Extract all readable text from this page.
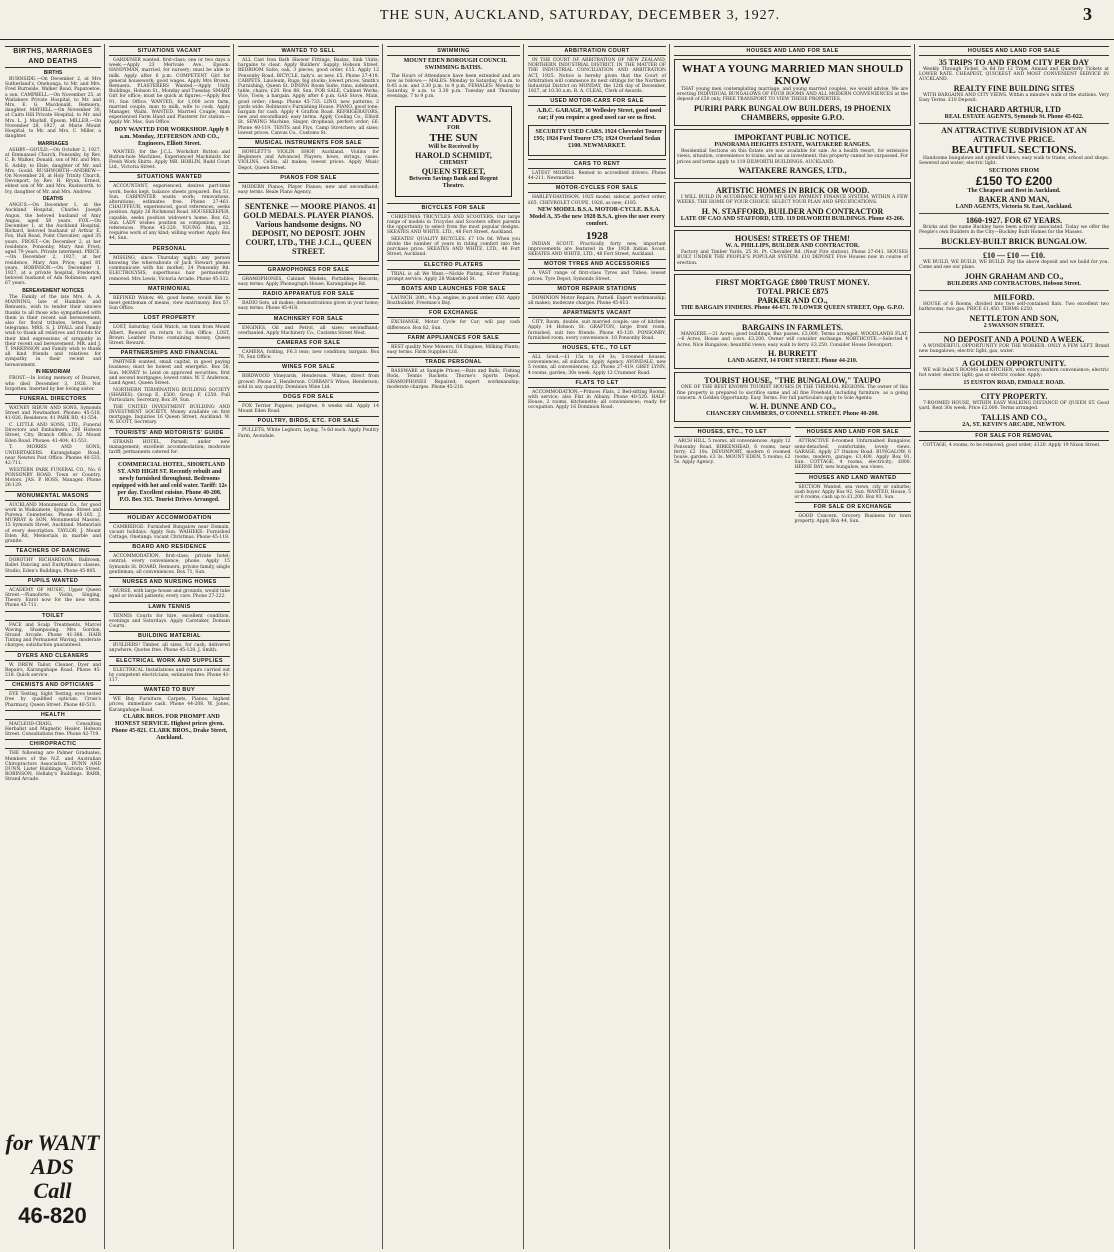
THE SUN, AUCKLAND, SATURDAY, DECEMBER 3, 1927.	3
BIRTHS, MARRIAGES AND DEATHS
BIRTHS

BURNSIDE.—On December 2, at Mrs Sutherland's, Onehunga, to Mr. and Mrs. Fred Burnside, Walker Road, Papatoetoe, a son. CAMPBELL.—On November 25, at Waitakere Private Hospital, to Mr. and Mrs. E. G. Macdonald, Remuera, daughter. MAYHILL.—On November 30, at Cairn Hill Private Hospital, to Mr. and Mrs. L. J. Mayhill, Epsom. MILLER.—On November 28, 1927, at Marie Mount Hospital, to Mr. and Mrs. C. Miller, a daughter.

MARRIAGES

ASHBY—GOULD.—On October 2, 1927, at Emmanuel Church, Ponsonby, by Rev. C. B. Walker, Donald, son of Mr. and Mrs. E. Ashby, to Elsie, daughter of Mr. and Mrs. Gould. RUSHWORTH—ANDREW.—On November 26, at Holy Trinity Church, Devonport, by Rev. H. Bryan, Ernest, eldest son of Mr. and Mrs. Rushworth, to Ivy, daughter of Mr. and Mrs. Andrew.

DEATHS

ANGUS.—On December 1, at the Auckland Hospital, Charles Joseph Angus, the beloved husband of Amy Angus; aged 58 years. FOX.—On December 1, at the Auckland Hospital, Richard, beloved husband of Arthur E. Fox, Hull Road, Point Chevalier; aged 35 years. FROST.—On December 2, at her residence, Ponsonby, Mary Ann Frost; aged 79 years. Private interment. PRICE.—On December 2, 1927, at her residence, Mary Ann Price; aged 81 years. ROBINSON.—On December 1, 1927, at a private hospital, Frederick, beloved husband of Ada Robinson; aged 67 years.

BEREAVEMENT NOTICES

The Family of the late Mrs. A. A. MANNING, late of Hamilton and Remuera, wish to tender their sincere thanks to all those who sympathised with them in their recent sad bereavement, also for floral tributes, letters, and telegrams. MRS. S. J. DYALL and Family wish to thank all relatives and friends for their kind expressions of sympathy in their recent sad bereavement. MR. and J. T. PARKINSON and Family wish to thank all kind friends and relatives for sympathy in their recent sad bereavement.

IN MEMORIAM

FROST.—In loving memory of Dearest, who died December 3, 1926. Not forgotten. Inserted by her loving sister.

FUNERAL DIRECTORS

WATNEY SIBUN AND SONS, Symonds Street and Newmarket. Phones: 45-518, 41-026. Residence, 41 PARK RD, 41-554.

C. LITTLE AND SONS, LTD., Funeral Directors and Embalmers, 200 Hobson Street, City. Branch Office, 32 Mount Eden Road. Phones: 41-404, 41-551.

T. MORRIS AND SONS, UNDERTAKERS. Karangahape Road, near Newton Post Office. Phones 40-533, 42-711.

WESTERN PARK FUNERAL CO., No. 6 PONSONBY ROAD. Town or Country, Motors. JAS. P. ROSS, Manager. Phone 26-129.

MONUMENTAL MASONS

AUCKLAND Monumental Co., for good work in Waikumete, Symonds Street and Purewa Cemeteries. Phone 45-105. J. MURRAY & SON, Monumental Masons, 15 Symonds Street, Auckland. Memorials of every description. TAYLOR, J. Mount Eden Rd, Memorials in marble and granite.

TEACHERS OF DANCING

DOROTHY RICHARDSON, Ballroom, Ballet Dancing and Eurhythmics classes, Studio, Eden's Buildings. Phone 45-805.

PUPILS WANTED

ACADEMY OF MUSIC, Upper Queen Street.—Pianoforte, Violin, Singing, Theory. Enrol now for the new term. Phone 45-711.

TOILET

FACE and Scalp Treatments, Marcel Waving, Shampooing. Mrs Gordon, Strand Arcade. Phone 41-388. HAIR Tinting and Permanent Waving, moderate charges; satisfaction guaranteed.

DYERS AND CLEANERS

W. DREW, Tailor, Cleaner, Dyer and Repairs, Karangahape Road. Phone 45-218. Quick service.

CHEMISTS AND OPTICIANS

EYE Testing, Sight Testing; eyes tested free by qualified optician. Cross's Pharmacy, Queen Street. Phone 40-513.

HEALTH

MACLEOD-CRAIG, Consulting Herbalist and Magnetic Healer, Hobson Street. Consultations free. Phone 42-719.

CHIROPRACTIC

THE following are Palmer Graduates, Members of the N.Z. and Australian Chiropractors Association. DUNN AND DUNN, Lister Buildings, Victoria Street. ROBINSON, Hellaby's Buildings. BARR, Strand Arcade.

for WANT
ADS
Call
46-820
SITUATIONS VACANT

GARDENER wanted, first-class; one or two days a week.—Apply 23 Merivale Ave., Epsom. HANDYMAN, married, for nursery; must be able to milk. Apply after 6 p.m. COMPETENT Girl for general housework; good wages. Apply Mrs Brown, Remuera. PLASTERERS Wanted.—Apply Unity Buildings, Hobson St., Monday and Tuesday. SMART Girl for office; must be quick at figures.—Apply Box 91, Sun Office. WANTED, for 1,000 acre farm, married couple, man to milk, wife to cook. Apply Manager, Waihi. WANTED, Married Couple, man experienced Farm Hand and Plasterer for station.—Apply Mr. Mac, Sun Office.

BOY WANTED FOR WORKSHOP. Apply 9 a.m. Monday, JEFFERSON AND CO., Engineers, Elliott Street.

WANTED, for the J.C.L. Workshirt Button and Button-hole Machines, Experienced Machinists for Fresh Work Shirts. Apply MR. HOBLIN, Rudd Court Ltd., Victoria Street.

SITUATIONS WANTED

ACCOUNTANT, experienced, desires part-time work, books kept, balance sheets prepared. Box 51, Sun. CARPENTER wants work; renovations, alterations; estimates free. Phone 27-461. CHAUFFEUR, experienced, good references, seeks position. Apply 26 Richmond Road. HOUSEKEEPER, capable, seeks position widower's home. Box 62, Sun. LADY wishes position as companion; good references. Phone 45-220. YOUNG Man, 22, requires work of any kind; willing worker. Apply Box 44, Sun.

PERSONAL

MISSING, since Thursday night: any person knowing the whereabouts of Jack Stewart please communicate with his mother, 24 Ponsonby Rd. ELECTROLYSIS, superfluous hair permanently removed. Mrs Lewis, Victoria Arcade. Phone 45-332.

MATRIMONIAL

REFINED Widow, 40, good home, would like to meet gentleman of means, view matrimony. Box 57, Sun Office.

LOST PROPERTY

LOST, Saturday, Gold Watch, on tram from Mount Albert. Reward on return to Sun Office. LOST, Brown Leather Purse containing money, Queen Street. Reward.

PARTNERSHIPS AND FINANCIAL

PARTNER wanted, small capital, in good paying business; must be honest and energetic. Box 58, Sun. MONEY to Lend on approved securities, first and second mortgages; lowest rates. W. T. Anderson, Land Agent, Queen Street.

NORTHERN TERMINATING BUILDING SOCIETY (SHARES). Group E, £500. Group F, £250. Full Particulars, Secretary, Box 39, Sun.

THE UNITED INVESTMENT BUILDING AND INVESTMENT SOCIETY. Money available on first mortgage. Inquiries 16 Queen Street, Auckland. W. W. SCOTT, Secretary.

TOURISTS' AND MOTORISTS' GUIDE

STRAND HOTEL, Parnell, under new management; excellent accommodation; moderate tariff; permanents catered for.

COMMERCIAL HOTEL, SHORTLAND ST. AND HIGH ST. Recently rebuilt and newly furnished throughout. Bedrooms equipped with hot and cold water. Tariff: 12s per day. Excellent cuisine. Phone 40-208. P.O. Box 315. Tourist Drives Arranged.

HOLIDAY ACCOMMODATION

CAMBRIDGE: Furnished Bungalow near Domain, vacant holidays. Apply Sun. WAIHEKE: Furnished Cottage, Onetangi; vacant Christmas. Phone 45-118.

BOARD AND RESIDENCE

ACCOMMODATION, first-class; private hotel; central; every convenience; phone. Apply 15 Symonds St. BOARD, Remuera, private family, single gentleman; all conveniences. Box 71, Sun.

NURSES AND NURSING HOMES

NURSE, with large house and grounds, would take aged or invalid patients; every care. Phone 27-222.

LAWN TENNIS

TENNIS Courts for hire, excellent condition, evenings and Saturdays. Apply Caretaker, Domain Courts.

BUILDING MATERIAL

BUILDERS! Timber, all sizes, for cash; delivered anywhere. Quotes free. Phone 45-120. J. Smith.

ELECTRICAL WORK AND SUPPLIES

ELECTRICAL Installations and repairs carried out by competent electricians; estimates free. Phone 41-117.

WANTED TO BUY

WE Buy Furniture, Carpets, Pianos; highest prices; immediate cash. Phone 44-208. W. Jones, Karangahape Road.

CLARK BROS. FOR PROMPT AND HONEST SERVICE. Highest prices given. Phone 45-821. CLARK BROS., Drake Street, Auckland.

WANTED TO SELL

ALL Cast Iron Bath Shower Fittings, Basins, Sink Units; bargains to clear. Apply Builders' Supply, Hobson Street. BEDROOM Suite, oak, 3 pieces, good order, £15. Apply 12 Ponsonby Road. BICYCLE, lady's, as new, £5. Phone 27-418. CARPETS, Linoleum, Rugs; big stocks; lowest prices. Smith's Furnishing, Queen St. DINING Room Suite, rimu, sideboard, table, chairs; £20. Box 88, Sun. FOR SALE, Cabinet Works; Vice, Tools; a bargain. Apply after 6 p.m. GAS Stove, Main, good order; cheap. Phone 45-733. LINO, new patterns, 2 yards wide. Robinson's Furnishing House. PIANO, good tone; bargain for cash. Apply 4 Grafton Road. REFRIGERATORS, new and secondhand; easy terms. Apply Cooling Co., Elliott St. SEWING Machine, Singer, drophead; perfect order; £6. Phone 40-119. TENTS and Flys, Camp Stretchers; all sizes; lowest prices. Canvas Co., Customs St.

MUSICAL INSTRUMENTS FOR SALE

HOWLETT'S VIOLIN SHOP, Auckland. Violins for Beginners and Advanced Players; bows, strings, cases. VIOLINS, Cellos, all makes; lowest prices. Apply Music Depot, Queen Street.

PIANOS FOR SALE

MODERN Pianos, Player Pianos; new and secondhand; easy terms. Beale Piano Agency.

SENTENKE — MOORE PIANOS. 41 GOLD MEDALS. PLAYER PIANOS. Various handsome designs. NO DEPOSIT, NO DEPOSIT. JOHN COURT, LTD., THE J.C.L., QUEEN STREET.

GRAMOPHONES FOR SALE

GRAMOPHONES, Cabinet Models, Portables; Records; easy terms. Apply Phonograph House, Karangahape Rd.

RADIO APPARATUS FOR SALE

RADIO Sets, all makes; demonstrations given in your home; easy terms. Phone 45-418.

MACHINERY FOR SALE

ENGINES, Oil and Petrol, all sizes; secondhand; overhauled. Apply Machinery Co., Customs Street West.

CAMERAS FOR SALE

CAMERA, folding, F6.3 lens; new condition; bargain. Box 76, Sun Office.

WINES FOR SALE

BIRDWOOD Vineyards, Henderson. Wines, direct from grower. Phone 2, Henderson. CORBAN'S Wines, Henderson; sold in any quantity. Dominion Wine Ltd.

DOGS FOR SALE

FOX Terrier Puppies, pedigree, 8 weeks old. Apply 14 Mount Eden Road.

POULTRY, BIRDS, ETC. FOR SALE

PULLETS, White Leghorn, laying, 7s 6d each. Apply Poultry Farm, Avondale.

SWIMMING

MOUNT EDEN BOROUGH COUNCIL SWIMMING BATHS.

The Hours of Attendance have been extended and are now as follows:— MALES: Monday to Saturday, 6 a.m. to 8.45 a.m. and 3.30 p.m. to 9 p.m. FEMALES: Monday to Saturday, 9 a.m. to 3.30 p.m. Tuesday and Thursday evenings, 7 to 9 p.m.

WANT ADVTS.
FOR
THE SUN
Will be Received by
HAROLD SCHMIDT,
CHEMIST
QUEEN STREET,
Between Savings Bank and Regent Theatre.
BICYCLES FOR SALE

CHRISTMAS TRICYCLES AND SCOOTERS. Our large range of models in Tricycles and Scooters offers parents the opportunity to select from the most popular designs. SKEATES AND WHITE, LTD., 48 Fort Street, Auckland.

SKEATES' QUALITY BICYCLES. £7 10s 0d. When you divide the number of years in riding comfort into the purchase price. SKEATES AND WHITE, LTD., 48 Fort Street, Auckland.

ELECTRO PLATERS

TRIAL is all We Want.—Nickle Plating, Silver Plating; prompt service. Apply 28 Wakefield St.

BOATS AND LAUNCHES FOR SALE

LAUNCH, 20ft., 4 h.p. engine, in good order; £50. Apply Boatbuilder, Freeman's Bay.

FOR EXCHANGE

EXCHANGE, Motor Cycle for Car; will pay cash difference. Box 82, Sun.

FARM APPLIANCES FOR SALE

BEST quality New Mowers, Oil Engines, Milking Plants; easy terms. Farm Supplies Ltd.

TRADE PERSONAL

BASSWARE at Sample Prices.—Bats and Balls, Fishing Rods, Tennis Rackets. Thorne's Sports Depot. GRAMOPHONES Repaired; expert workmanship; moderate charges. Phone 45-218.

ARBITRATION COURT

IN THE COURT OF ARBITRATION OF NEW ZEALAND, NORTHERN INDUSTRIAL DISTRICT. IN THE MATTER OF THE INDUSTRIAL CONCILIATION AND ARBITRATION ACT, 1925. Notice is hereby given that the Court of Arbitration will commence its next sittings for the Northern Industrial District on MONDAY, the 12th day of December, 1927, at 10.30 a.m. R. A. CLEAL, Clerk of Awards.

USED MOTOR-CARS FOR SALE

A.B.C. GARAGE, 30 Wellesley Street, good used car; if you require a good used car see us first.

SECURITY USED CARS. 1924 Chevrolet Tourer £95; 1924 Ford Tourer £75; 1924 Overland Sedan £100. NEWMARKET.

CARS TO RENT

LATEST MODELS. Rented to accredited drivers. Phone 44-211. Newmarket.

MOTOR-CYCLES FOR SALE

HARLEY-DAVIDSON, 1925 model, sidecar, perfect order; £65. CHEVROLET COUPE, 1926, as new; £185.

NEW MODEL B.S.A. MOTOR-CYCLE. B.S.A. Model A, 35-the new 1928 B.S.A. gives the user every comfort.

1928

INDIAN SCOUT. Practically forty new, important improvements are featured in the 1928 Indian Scout. SKEATES AND WHITE, LTD., 48 Fort Street, Auckland.

MOTOR TYRES AND ACCESSORIES

A VAST range of first-class Tyres and Tubes; lowest prices. Tyre Depot, Symonds Street.

MOTOR REPAIR STATIONS

DOMINION Motor Repairs, Parnell. Expert workmanship; all makes; moderate charges. Phone 45-813.

APARTMENTS VACANT

CITY, Room, double, suit married couple; use of kitchen. Apply 14 Hobson St. GRAFTON, large front room, furnished, suit two friends. Phone 45-120. PONSONBY, furnished room, every convenience. 18 Ponsonby Road.

HOUSES, ETC., TO LET

ALL Good.—£1 15s to £4 3s; 5-roomed houses, conveniences, all suburbs. Apply Agency. AVONDALE, new 5 rooms, all conveniences; £2. Phone 27-419. GREY LYNN, 4 rooms, garden; 30s week. Apply 12 Crummer Road.

FLATS TO LET

ACCOMMODATION.—Princes Flats, 2 Bed-sitting Rooms, with service; also Flat in Albany. Phone 40-520. HALF-House, 2 rooms, kitchenette; all conveniences; ready for occupation. Apply 16 Dominion Road.

HOUSES AND LAND FOR SALE
WHAT A YOUNG MARRIED MAN SHOULD KNOW

THAT young men contemplating marriage, and young married couples, we would advise. We are erecting INDIVIDUAL BUNGALOWS OF FOUR ROOMS AND ALL MODERN CONVENIENCES at the deposit of £50 only. FREE TRANSPORT TO VIEW THESE PROPERTIES.

PURIRI PARK BUNGALOW BUILDERS, 19 PHOENIX CHAMBERS, opposite G.P.O.
IMPORTANT PUBLIC NOTICE.
PANORAMA HEIGHTS ESTATE, WAITAKERE RANGES.

Residential Sections on this Estate are now available for sale. As a health resort, for extensive views, situation, convenience to trains, and as an investment, this property cannot be surpassed. For prices and terms apply to 119 DILWORTH BUILDINGS, AUCKLAND.

WAITAKERE RANGES, LTD.,
ARTISTIC HOMES IN BRICK OR WOOD.

I WILL BUILD IN ACCORDANCE WITH MY EASY PAYMENT FINANCE SYSTEM, WITHIN A FEW WEEKS, THE HOME OF YOUR CHOICE. SELECT YOUR PLAN AND SPECIFICATIONS.

H. N. STAFFORD, BUILDER AND CONTRACTOR
LATE OF CAO AND STAFFORD, LTD. 119 DILWORTH BUILDINGS. Phone 43-266.
HOUSES! STREETS OF THEM!
W. A. PHILLIPS, BUILDER AND CONTRACTOR.

Factory and Timber Yards, 25 St. Pt. Chevalier Rd. (Near Fire station). Phone 27-641. HOUSES BUILT UNDER THE PEOPLE'S POPULAR SYSTEM. £10 DEPOSIT. Five Houses now in course of erection.

FIRST MORTGAGE £800 TRUST MONEY.
TOTAL PRICE £875
PARKER AND CO.,
THE BARGAIN FINDERS. Phone 44-671. 70 LOWER QUEEN STREET, Opp. G.P.O.
BARGAINS IN FARMLETS.

MANGERE.—21 Acres; good buildings. Bus passes. £3,000, Terms arranged. WOODLANDS FLAT.—6 Acres, House and cows. £3,200. Owner will consider exchange. NORTHCOTE.—Selected 4 Acres. Nice Bungalow; beautiful views; easy walk to ferry. £3,250. Consider House Devonport.

H. BURRETT
LAND AGENT, 14 FORT STREET. Phone 44-210.
TOURIST HOUSE, "THE BUNGALOW," TAUPO

ONE OF THE BEST KNOWN TOURIST HOUSES IN THE THERMAL REGIONS. The owner of this fine property is prepared to sacrifice same and all fine Freehold, including furniture, as a going concern. A Golden Opportunity. Easy Terms. For full particulars apply to Sole Agents:

W. H. DUNNE AND CO.,
CHANCERY CHAMBERS, O'CONNELL STREET. Phone 40-208.
HOUSES, ETC., TO LET

ARCH HILL, 5 rooms, all conveniences. Apply 12 Ponsonby Road. BIRKENHEAD, 6 rooms, near ferry; £2 10s. DEVONPORT, modern 6 roomed house, garden; £3 3s. MOUNT EDEN, 5 rooms; £2 5s. Apply Agency.

HOUSES AND LAND FOR SALE

ATTRACTIVE 6-roomed Unfurnished Bungalow, semi-detached, comfortable, lovely views. GARAGE. Apply 27 Onslow Road. BUNGALOW, 6 rooms, modern, garage; £1,400. Apply Box 91, Sun. COTTAGE, 4 rooms, electricity; £800. HERNE BAY, new bungalow, sea views.

HOUSES AND LAND WANTED

SECTION Wanted, sea views, city or suburbs; cash buyer. Apply Box 92, Sun. WANTED, House, 5 or 6 rooms; cash up to £1,200. Box 93, Sun.

FOR SALE OR EXCHANGE

GOOD Concern, Grocery Business for town property. Apply Box 44, Sun.

HOUSES AND LAND FOR SALE
35 TRIPS TO AND FROM CITY PER DAY

Weekly Through Ticket, 3s 6d for 12 Trips. Annual and Quarterly Tickets at LOWER RATE. CHEAPEST, QUICKEST AND MOST CONVENIENT SERVICE IN AUCKLAND.

REALTY FINE BUILDING SITES

WITH BARGAINS AND CITY VIEWS. Within a minute's walk of the stations. Very Easy Terms. £10 Deposit.

RICHARD ARTHUR, LTD
REAL ESTATE AGENTS, Symonds St. Phone 45-022.
AN ATTRACTIVE SUBDIVISION AT AN ATTRACTIVE PRICE.
BEAUTIFUL SECTIONS.

Handsome bungalows and splendid views; easy walk to trams, school and shops. Sewered and water; electric light.

SECTIONS FROM
£150 TO £200
The Cheapest and Best in Auckland.
BAKER AND MAN,
LAND AGENTS, Victoria St. East, Auckland.
1860-1927. FOR 67 YEARS.

Bricks and the name Buckley have been actively associated. Today we offer the People's own Builders in the City—Buckley Built Homes for the Masses.

BUCKLEY-BUILT BRICK BUNGALOW.
£10 — £10 — £10.

WE BUILD, WE BUILD, WE BUILD. Pay the above deposit and we build for you. Come and see our plans.

JOHN GRAHAM AND CO.,
BUILDERS AND CONTRACTORS, Hobson Street.
MILFORD.

HOUSE of 6 Rooms, divided into two self-contained flats. Two excellent two bathrooms, two gas. PRICE £1,450. TERMS £250.

NETTLETON AND SON,
2 SWANSON STREET.
NO DEPOSIT AND A POUND A WEEK.

A WONDERFUL OPPORTUNITY FOR THE WORKER. ONLY A FEW LEFT. Brand new bungalows; electric light, gas, water.

A GOLDEN OPPORTUNITY.

WE will build 5 ROOMS and KITCHEN, with every modern convenience; electric hot water, electric light; gas or electric cooker. Apply:

15 EUSTON ROAD, EMDALE ROAD.
CITY PROPERTY.

7-ROOMED HOUSE, WITHIN EASY WALKING DISTANCE OF QUEEN ST. Good yard, Rent 30s week. Price £2,000. Terms arranged.

TALLIS AND CO.,
2A, ST. KEVIN'S ARCADE, NEWTON.
FOR SALE FOR REMOVAL

COTTAGE, 4 rooms, to be removed; good order; £120. Apply 19 Nixon Street.
